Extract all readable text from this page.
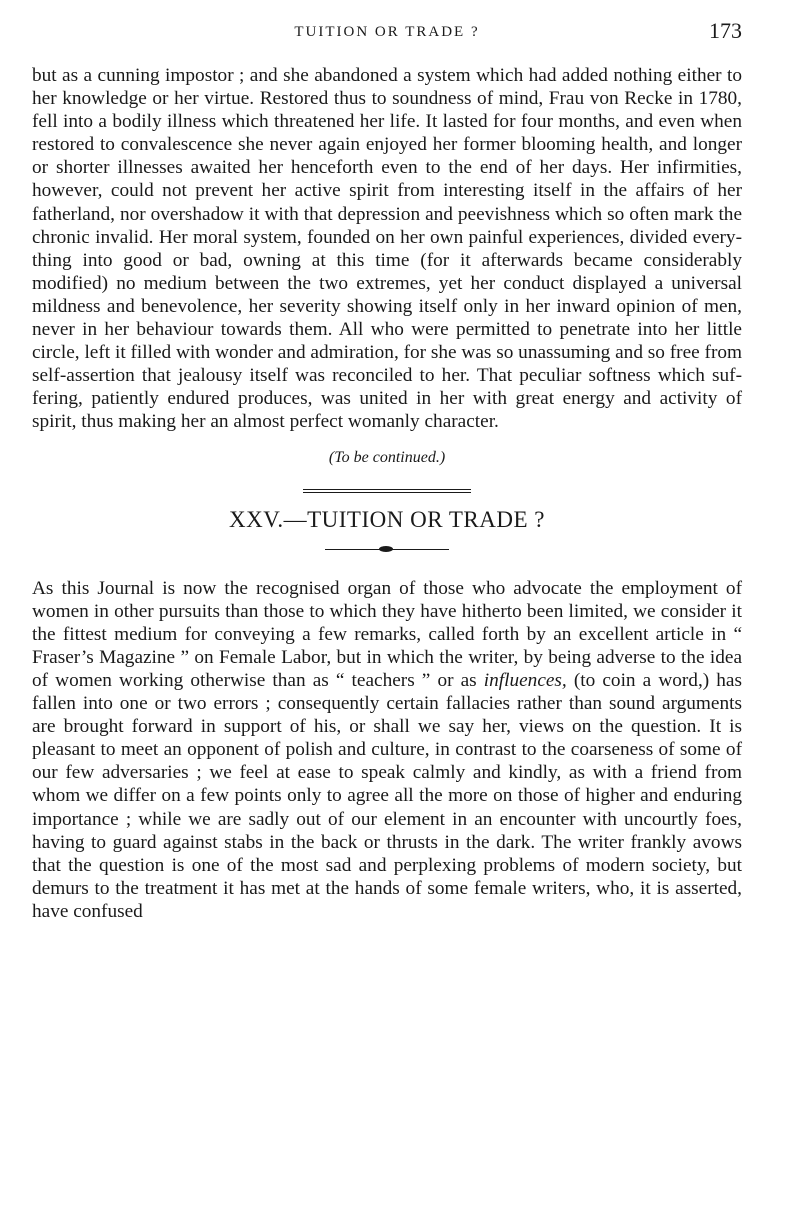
TUITION OR TRADE ?	173

but as a cunning impostor ; and she abandoned a system which had added nothing either to her knowledge or her virtue. Restored thus to soundness of mind, Frau von Recke in 1780, fell into a bodily illness which threatened her life. It lasted for four months, and even when restored to convalescence she never again enjoyed her former blooming health, and longer or shorter illnesses awaited her henceforth even to the end of her days. Her infirmities, however, could not prevent her active spirit from interesting itself in the affairs of her fatherland, nor overshadow it with that depression and peevishness which so often mark the chronic invalid. Her moral system, founded on her own painful experiences, divided everything into good or bad, owning at this time (for it afterwards became considerably modified) no medium between the two extremes, yet her conduct displayed a universal mildness and benevolence, her severity showing itself only in her inward opinion of men, never in her behaviour towards them. All who were permitted to penetrate into her little circle, left it filled with wonder and admiration, for she was so unassuming and so free from self-assertion that jealousy itself was reconciled to her. That peculiar softness which suffering, patiently endured produces, was united in her with great energy and activity of spirit, thus making her an almost perfect womanly character.

(To be continued.)
XXV.—TUITION OR TRADE ?

As this Journal is now the recognised organ of those who advocate the employment of women in other pursuits than those to which they have hitherto been limited, we consider it the fittest medium for conveying a few remarks, called forth by an excellent article in “ Fraser’s Magazine ” on Female Labor, but in which the writer, by being adverse to the idea of women working otherwise than as “ teachers ” or as influences, (to coin a word,) has fallen into one or two errors ; consequently certain fallacies rather than sound arguments are brought forward in support of his, or shall we say her, views on the question. It is pleasant to meet an opponent of polish and culture, in contrast to the coarseness of some of our few adversaries ; we feel at ease to speak calmly and kindly, as with a friend from whom we differ on a few points only to agree all the more on those of higher and enduring importance ; while we are sadly out of our element in an encounter with uncourtly foes, having to guard against stabs in the back or thrusts in the dark. The writer frankly avows that the question is one of the most sad and perplexing problems of modern society, but demurs to the treatment it has met at the hands of some female writers, who, it is asserted, have confused
